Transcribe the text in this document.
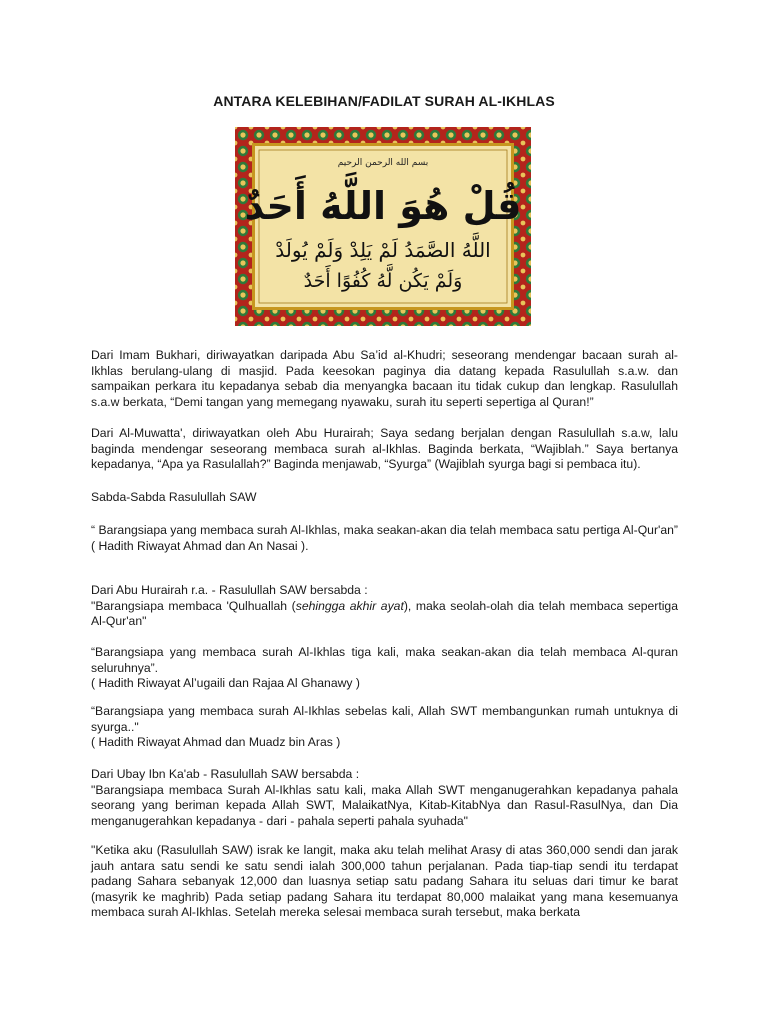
ANTARA KELEBIHAN/FADILAT SURAH AL-IKHLAS
بسم الله الرحمن الرحيم
قُلْ هُوَ اللَّهُ أَحَدٌ
اللَّهُ الصَّمَدُ لَمْ يَلِدْ وَلَمْ يُولَدْ
وَلَمْ يَكُن لَّهُ كُفُوًا أَحَدٌ
Dari Imam Bukhari, diriwayatkan daripada Abu Sa’id al-Khudri; seseorang mendengar bacaan surah al-Ikhlas berulang-ulang di masjid. Pada keesokan paginya dia datang kepada Rasulullah s.a.w. dan sampaikan perkara itu kepadanya sebab dia menyangka bacaan itu tidak cukup dan lengkap. Rasulullah s.a.w berkata, “Demi tangan yang memegang nyawaku, surah itu seperti sepertiga al Quran!”
Dari Al-Muwatta', diriwayatkan oleh Abu Hurairah; Saya sedang berjalan dengan Rasulullah s.a.w, lalu baginda mendengar seseorang membaca surah al-Ikhlas. Baginda berkata, “Wajiblah.” Saya bertanya kepadanya, “Apa ya Rasulallah?” Baginda menjawab, “Syurga” (Wajiblah syurga bagi si pembaca itu).
Sabda-Sabda Rasulullah SAW

“ Barangsiapa yang membaca surah Al-Ikhlas, maka seakan-akan dia telah membaca satu pertiga Al-Qur'an”

( Hadith Riwayat Ahmad dan An Nasai ).

Dari Abu Hurairah r.a. - Rasulullah SAW bersabda :

"Barangsiapa membaca 'Qulhuallah (sehingga akhir ayat), maka seolah-olah dia telah membaca sepertiga Al-Qur'an"

“Barangsiapa yang membaca surah Al-Ikhlas tiga kali, maka seakan-akan dia telah membaca Al-quran seluruhnya”.

( Hadith Riwayat Al’ugaili dan Rajaa Al Ghanawy )

“Barangsiapa yang membaca surah Al-Ikhlas sebelas kali, Allah SWT membangunkan rumah untuknya di syurga.."

( Hadith Riwayat Ahmad dan Muadz bin Aras )

Dari Ubay Ibn Ka'ab - Rasulullah SAW bersabda :

"Barangsiapa membaca Surah Al-Ikhlas satu kali, maka Allah SWT menganugerahkan kepadanya pahala seorang yang beriman kepada Allah SWT, MalaikatNya, Kitab-KitabNya dan Rasul-RasulNya, dan Dia menganugerahkan kepadanya - dari - pahala seperti pahala syuhada"

"Ketika aku (Rasulullah SAW) israk ke langit, maka aku telah melihat Arasy di atas 360,000 sendi dan jarak jauh antara satu sendi ke satu sendi ialah 300,000 tahun perjalanan. Pada tiap-tiap sendi itu terdapat padang Sahara sebanyak 12,000 dan luasnya setiap satu padang Sahara itu seluas dari timur ke barat (masyrik ke maghrib) Pada setiap padang Sahara itu terdapat 80,000 malaikat yang mana kesemuanya membaca surah Al-Ikhlas. Setelah mereka selesai membaca surah tersebut, maka berkata
